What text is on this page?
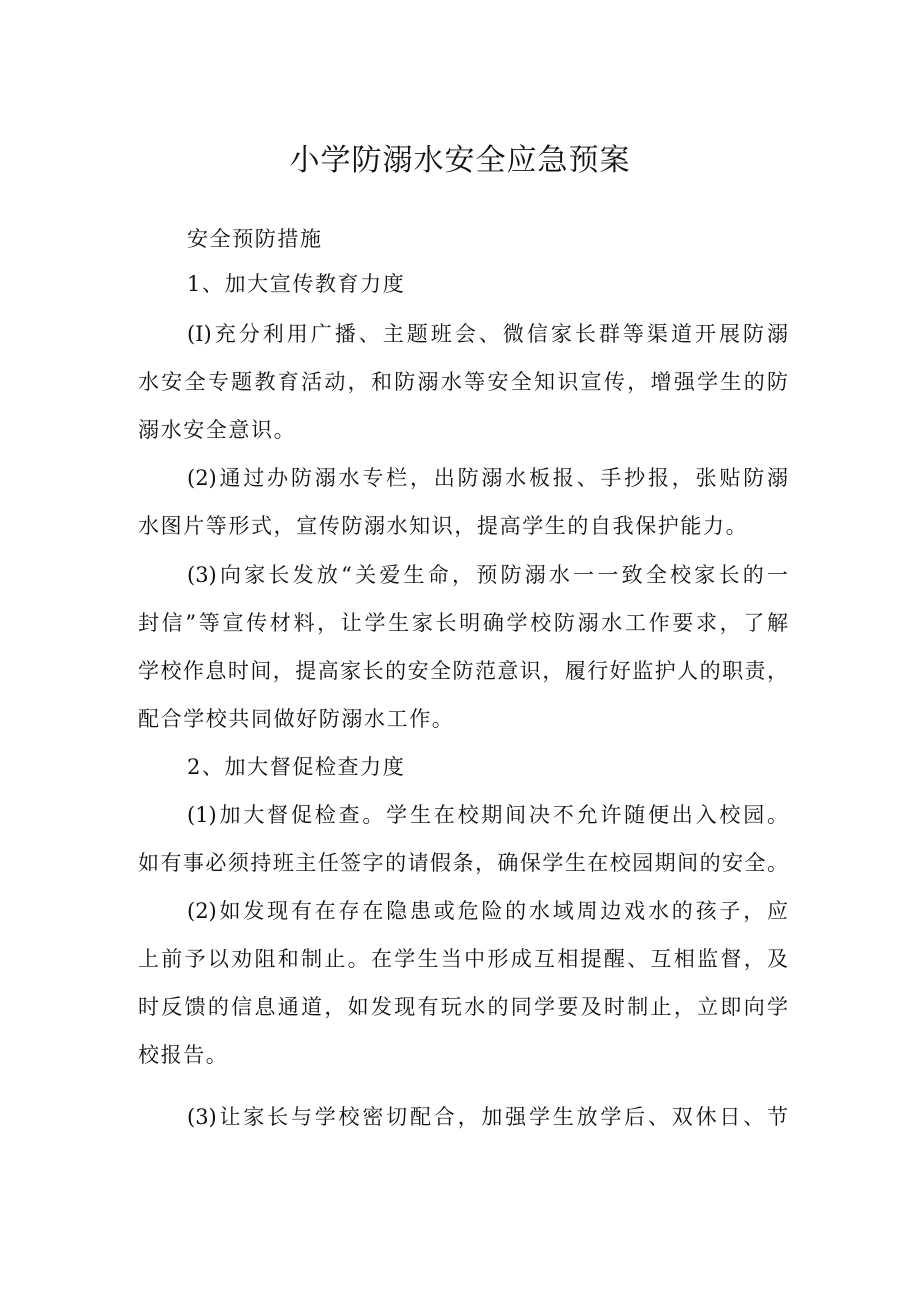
小学防溺水安全应急预案

安全预防措施

1、加大宣传教育力度

(I)充分利用广播、主题班会、微信家长群等渠道开展防溺

水安全专题教育活动，和防溺水等安全知识宣传，增强学生的防

溺水安全意识。

(2)通过办防溺水专栏，出防溺水板报、手抄报，张贴防溺

水图片等形式，宣传防溺水知识，提高学生的自我保护能力。

(3)向家长发放“关爱生命，预防溺水一一致全校家长的一

封信”等宣传材料，让学生家长明确学校防溺水工作要求，了解

学校作息时间，提高家长的安全防范意识，履行好监护人的职责，

配合学校共同做好防溺水工作。

2、加大督促检查力度

(1)加大督促检查。学生在校期间决不允许随便出入校园。

如有事必须持班主任签字的请假条，确保学生在校园期间的安全。

(2)如发现有在存在隐患或危险的水域周边戏水的孩子，应

上前予以劝阻和制止。在学生当中形成互相提醒、互相监督，及

时反馈的信息通道，如发现有玩水的同学要及时制止，立即向学

校报告。

(3)让家长与学校密切配合，加强学生放学后、双休日、节
